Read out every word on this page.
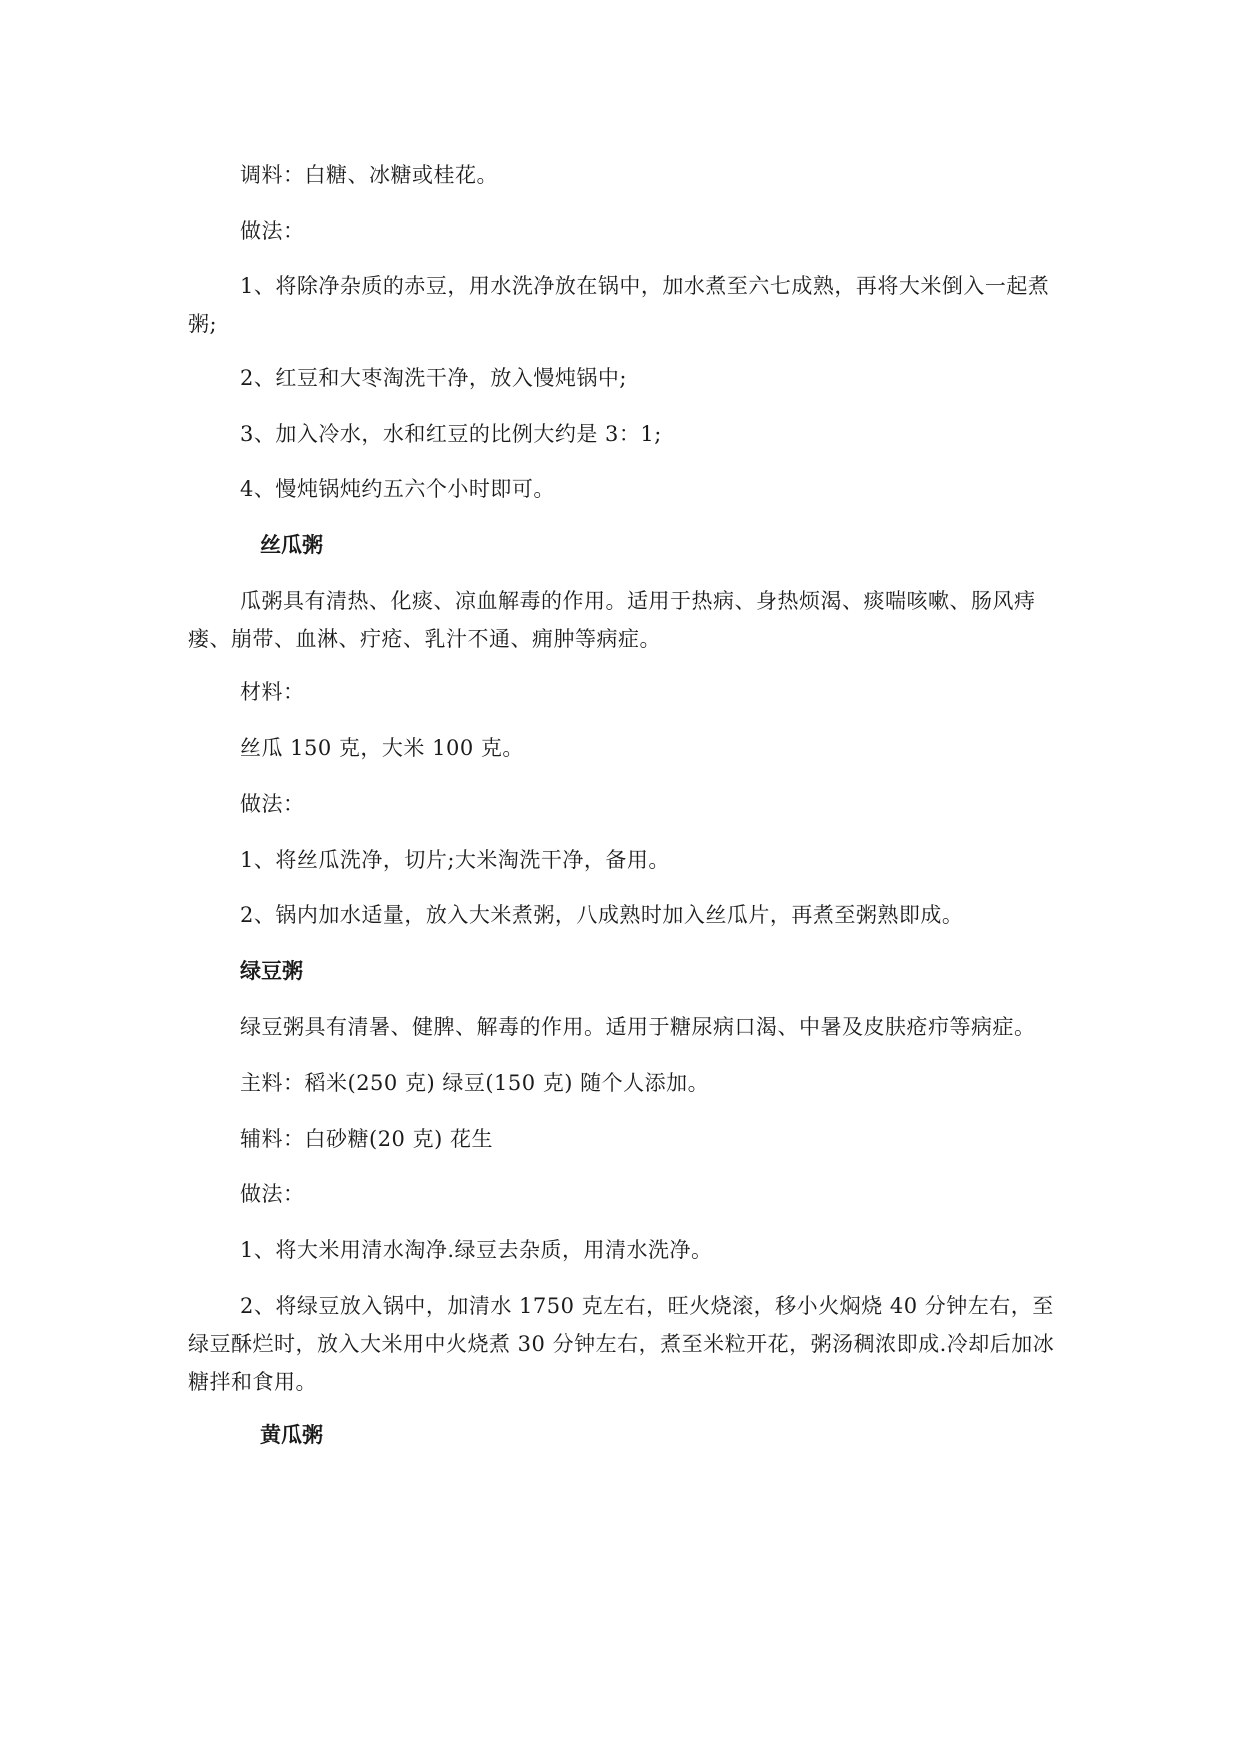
调料：白糖、冰糖或桂花。

做法：

1、将除净杂质的赤豆，用水洗净放在锅中，加水煮至六七成熟，再将大米倒入一起煮粥;

2、红豆和大枣淘洗干净，放入慢炖锅中;

3、加入冷水，水和红豆的比例大约是 3：1;

4、慢炖锅炖约五六个小时即可。

丝瓜粥

瓜粥具有清热、化痰、凉血解毒的作用。适用于热病、身热烦渴、痰喘咳嗽、肠风痔瘘、崩带、血淋、疔疮、乳汁不通、痈肿等病症。

材料：

丝瓜 150 克，大米 100 克。

做法：

1、将丝瓜洗净，切片;大米淘洗干净，备用。

2、锅内加水适量，放入大米煮粥，八成熟时加入丝瓜片，再煮至粥熟即成。

绿豆粥

绿豆粥具有清暑、健脾、解毒的作用。适用于糖尿病口渴、中暑及皮肤疮疖等病症。

主料：稻米(250 克) 绿豆(150 克) 随个人添加。

辅料：白砂糖(20 克) 花生

做法：

1、将大米用清水淘净.绿豆去杂质，用清水洗净。

2、将绿豆放入锅中，加清水 1750 克左右，旺火烧滚，移小火焖烧 40 分钟左右，至绿豆酥烂时，放入大米用中火烧煮 30 分钟左右，煮至米粒开花，粥汤稠浓即成.冷却后加冰糖拌和食用。

黄瓜粥
